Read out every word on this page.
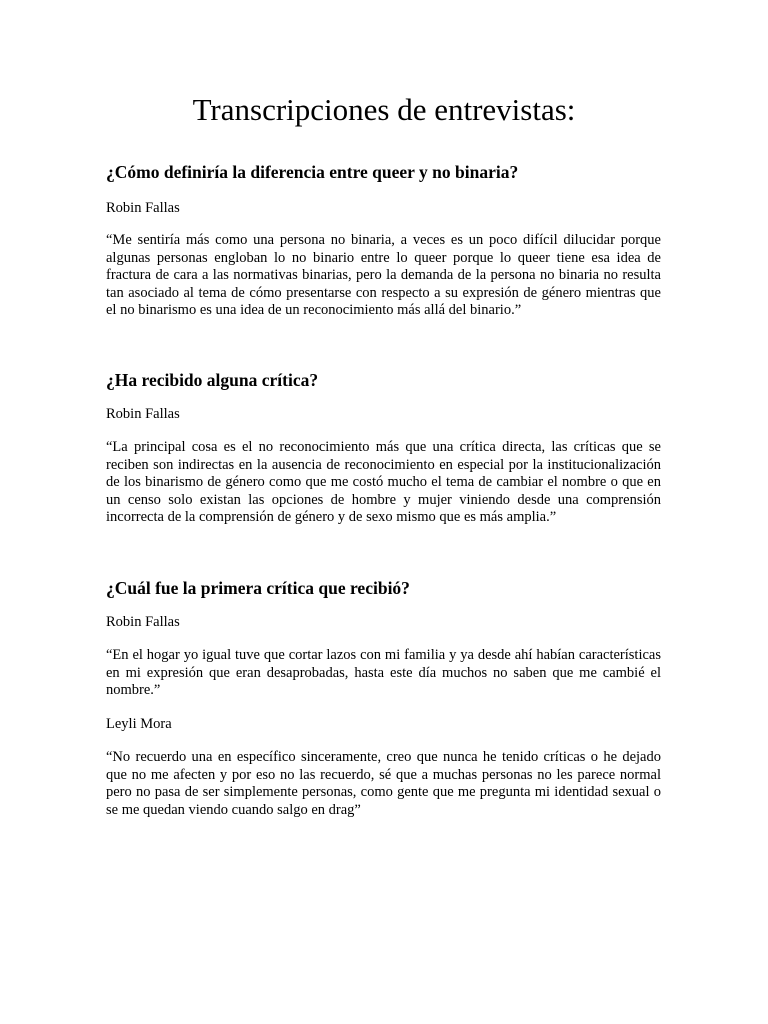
Transcripciones de entrevistas:
¿Cómo definiría la diferencia entre queer y no binaria?
Robin Fallas
“Me sentiría más como una persona no binaria, a veces es un poco difícil dilucidar porque algunas personas engloban lo no binario entre lo queer porque lo queer tiene esa idea de fractura de cara a las normativas binarias, pero la demanda de la persona no binaria no resulta tan asociado al tema de cómo presentarse con respecto a su expresión de género mientras que el no binarismo es una idea de un reconocimiento más allá del binario.”
¿Ha recibido alguna crítica?
Robin Fallas
“La principal cosa es el no reconocimiento más que una crítica directa, las críticas que se reciben son indirectas en la ausencia de reconocimiento en especial por la institucionalización de los binarismo de género como que me costó mucho el tema de cambiar el nombre o que en un censo solo existan las opciones de hombre y mujer viniendo desde una comprensión incorrecta de la comprensión de género y de sexo mismo que es más amplia.”
¿Cuál fue la primera crítica que recibió?
Robin Fallas
“En el hogar yo igual tuve que cortar lazos con mi familia y ya desde ahí habían características en mi expresión que eran desaprobadas, hasta este día muchos no saben que me cambié el nombre.”
Leyli Mora
“No recuerdo una en específico sinceramente, creo que nunca he tenido críticas o he dejado que no me afecten y por eso no las recuerdo, sé que a muchas personas no les parece normal pero no pasa de ser simplemente personas, como gente que me pregunta mi identidad sexual o se me quedan viendo cuando salgo en drag”
